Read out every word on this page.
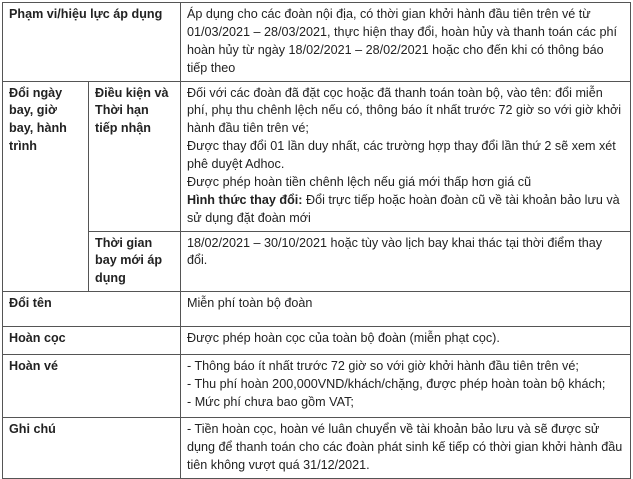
Phạm vi/hiệu lực áp dụng		Áp dụng cho các đoàn nội địa, có thời gian khởi hành đầu tiên trên vé từ 01/03/2021 – 28/03/2021, thực hiện thay đổi, hoàn hủy và thanh toán các phí hoàn hủy từ ngày 18/02/2021 – 28/02/2021 hoặc cho đến khi có thông báo tiếp theo
Đổi ngày bay, giờ bay, hành trình	Điều kiện và Thời hạn tiếp nhận	Đối với các đoàn đã đặt cọc hoặc đã thanh toán toàn bộ, vào tên: đổi miễn phí, phụ thu chênh lệch nếu có, thông báo ít nhất trước 72 giờ so với giờ khởi hành đầu tiên trên vé;
Được thay đổi 01 lần duy nhất, các trường hợp thay đổi lần thứ 2 sẽ xem xét phê duyệt Adhoc.
Được phép hoàn tiền chênh lệch nếu giá mới thấp hơn giá cũ
Hình thức thay đổi: Đổi trực tiếp hoặc hoàn đoàn cũ về tài khoản bảo lưu và sử dụng đặt đoàn mới

	Thời gian bay mới áp dụng	18/02/2021 – 30/10/2021 hoặc tùy vào lịch bay khai thác tại thời điểm thay đổi.
Đổi tên		Miễn phí toàn bộ đoàn
Hoàn cọc		Được phép hoàn cọc của toàn bộ đoàn (miễn phạt cọc).
Hoàn vé		- Thông báo ít nhất trước 72 giờ so với giờ khởi hành đầu tiên trên vé;
- Thu phí hoàn 200,000VND/khách/chặng, được phép hoàn toàn bộ khách;
- Mức phí chưa bao gồm VAT;

Ghi chú		- Tiền hoàn cọc, hoàn vé luân chuyển về tài khoản bảo lưu và sẽ được sử dụng để thanh toán cho các đoàn phát sinh kế tiếp có thời gian khởi hành đầu tiên không vượt quá 31/12/2021.
